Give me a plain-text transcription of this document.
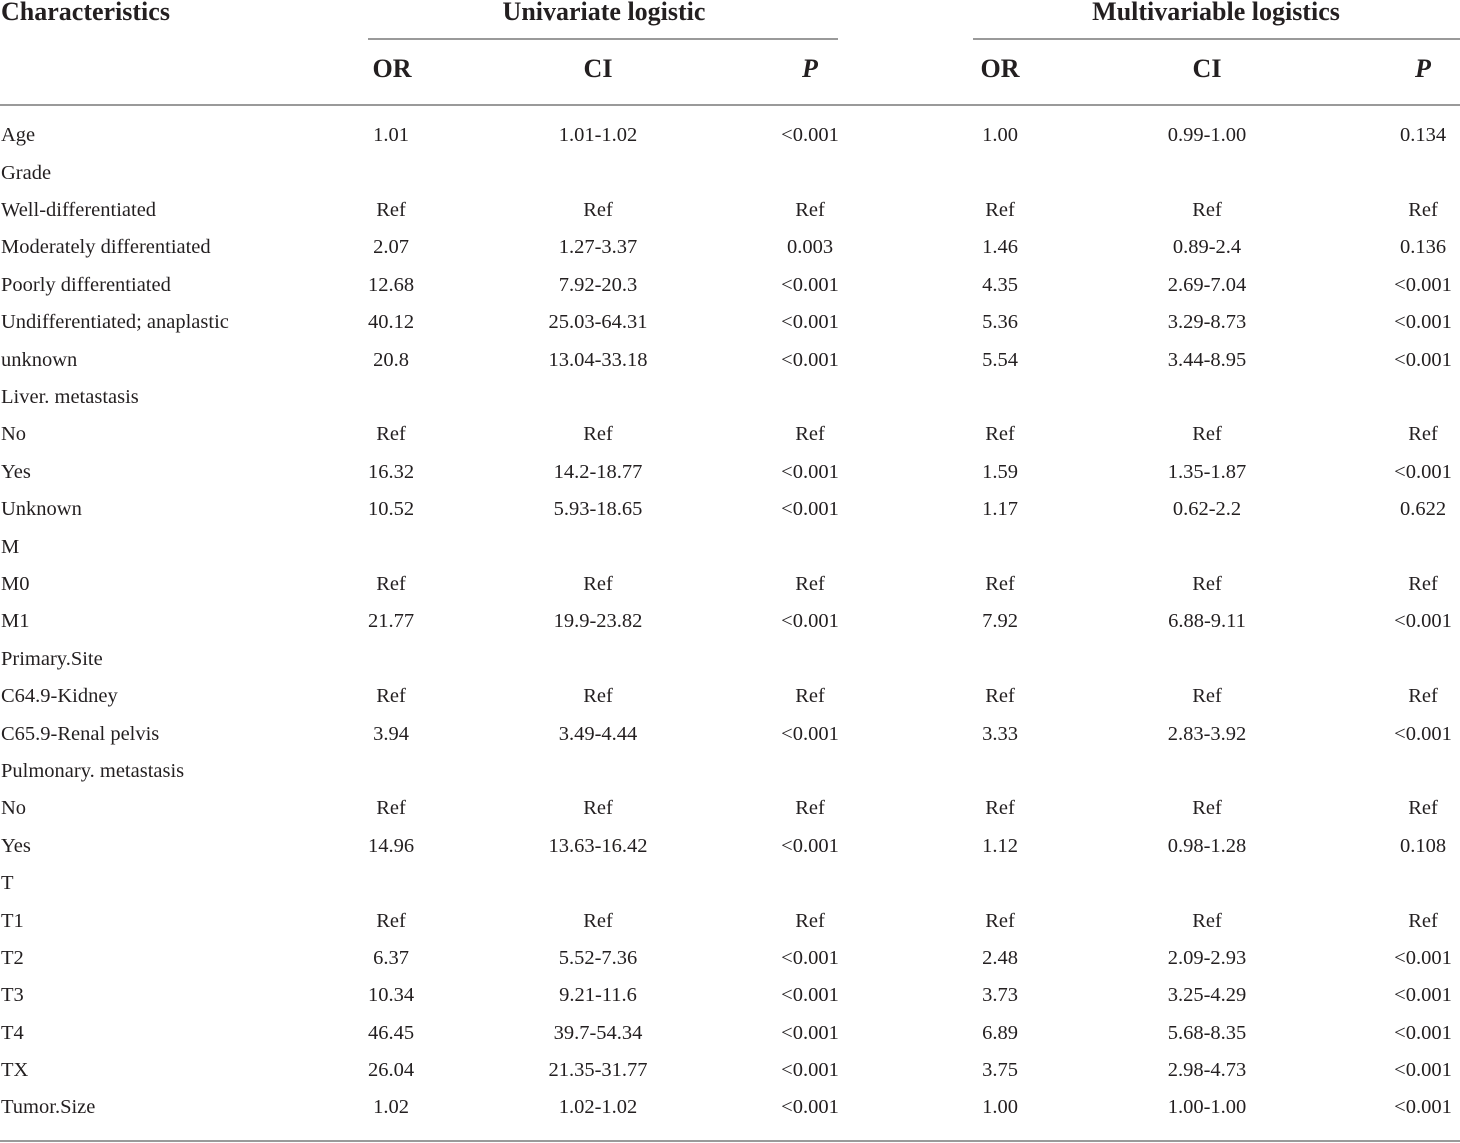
Characteristics	Univariate logistic	Multivariable logistics
OR	CI	P	OR	CI	P
Age	1.01	1.01-1.02	<0.001	1.00	0.99-1.00	0.134
Grade
Well-differentiated	Ref	Ref	Ref	Ref	Ref	Ref
Moderately differentiated	2.07	1.27-3.37	0.003	1.46	0.89-2.4	0.136
Poorly differentiated	12.68	7.92-20.3	<0.001	4.35	2.69-7.04	<0.001
Undifferentiated; anaplastic	40.12	25.03-64.31	<0.001	5.36	3.29-8.73	<0.001
unknown	20.8	13.04-33.18	<0.001	5.54	3.44-8.95	<0.001
Liver. metastasis
No	Ref	Ref	Ref	Ref	Ref	Ref
Yes	16.32	14.2-18.77	<0.001	1.59	1.35-1.87	<0.001
Unknown	10.52	5.93-18.65	<0.001	1.17	0.62-2.2	0.622
M
M0	Ref	Ref	Ref	Ref	Ref	Ref
M1	21.77	19.9-23.82	<0.001	7.92	6.88-9.11	<0.001
Primary.Site
C64.9-Kidney	Ref	Ref	Ref	Ref	Ref	Ref
C65.9-Renal pelvis	3.94	3.49-4.44	<0.001	3.33	2.83-3.92	<0.001
Pulmonary. metastasis
No	Ref	Ref	Ref	Ref	Ref	Ref
Yes	14.96	13.63-16.42	<0.001	1.12	0.98-1.28	0.108
T
T1	Ref	Ref	Ref	Ref	Ref	Ref
T2	6.37	5.52-7.36	<0.001	2.48	2.09-2.93	<0.001
T3	10.34	9.21-11.6	<0.001	3.73	3.25-4.29	<0.001
T4	46.45	39.7-54.34	<0.001	6.89	5.68-8.35	<0.001
TX	26.04	21.35-31.77	<0.001	3.75	2.98-4.73	<0.001
Tumor.Size	1.02	1.02-1.02	<0.001	1.00	1.00-1.00	<0.001
